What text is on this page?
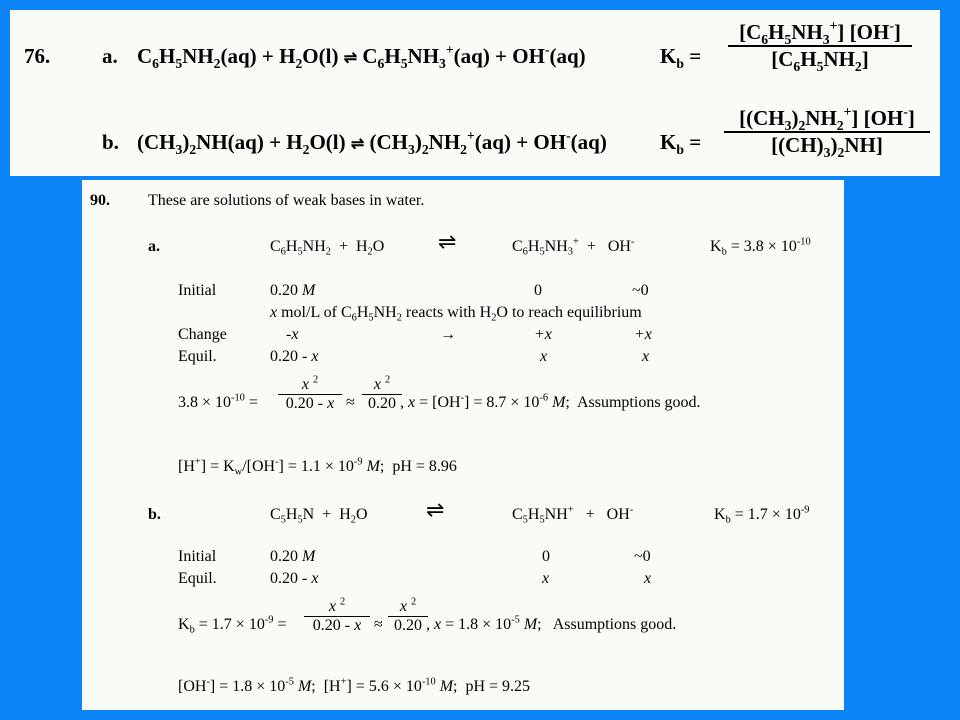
76. a. $C_6H_5NH_2(aq) + H_2O(l)$ ⇌ $C_6H_5NH_3^+(aq) + OH^-(aq)$	$K_b$ =
$[C_6H_5NH_3^+]$ [OH-]
$[C_6H_5NH_2]$
b. $(CH_3)_2NH(aq) + H_2O(l)$ ⇌ $(CH_3)_2NH_2^+(aq) + OH^-(aq)$	$K_b$ =
$[(CH_3)_2NH_2^+]$ [OH-]
$[(CH)_3)_2NH$]
90. These are solutions of weak bases in water.
a.	$C_6H_5NH_2 + H_2O$ ⇌	$C_6H_5NH_3^+ + OH^-$	$K_b = 3.8 \times 10^{-10}$
Initial	0.20 M	0	~0
x mol/L of $C_6H_5NH_2$ reacts with $H_2O$ to reach equilibrium
Change	-x	→	+x	+x
Equil.	0.20 - x	x	x
$3.8 \times 10^{-10}$ =
x $^2$
0.20 - x ≈
x $^2$
0.20 , $x = [OH^-] = 8.7 \times 10^{-6}$ M;  Assumptions good.
$[H^+] = K_w/[OH^-] = 1.1 \times 10^{-9}$ M;  pH = 8.96
b.	$C_5H_5N + H_2O$	⇌	$C_5H_5NH^+ + OH^-$	$K_b = 1.7 \times 10^{-9}$
Initial	0.20 M	0	~0
Equil.	0.20 - x	x	x
$K_b = 1.7 \times 10^{-9}$ =
x $^2$
0.20 - x ≈
x $^2$
0.20 , $x = 1.8 \times 10^{-5}$ M;   Assumptions good.
$[OH^-] = 1.8 \times 10^{-5}$ M;  $[H^+] = 5.6 \times 10^{-10}$ M;  pH = 9.25
